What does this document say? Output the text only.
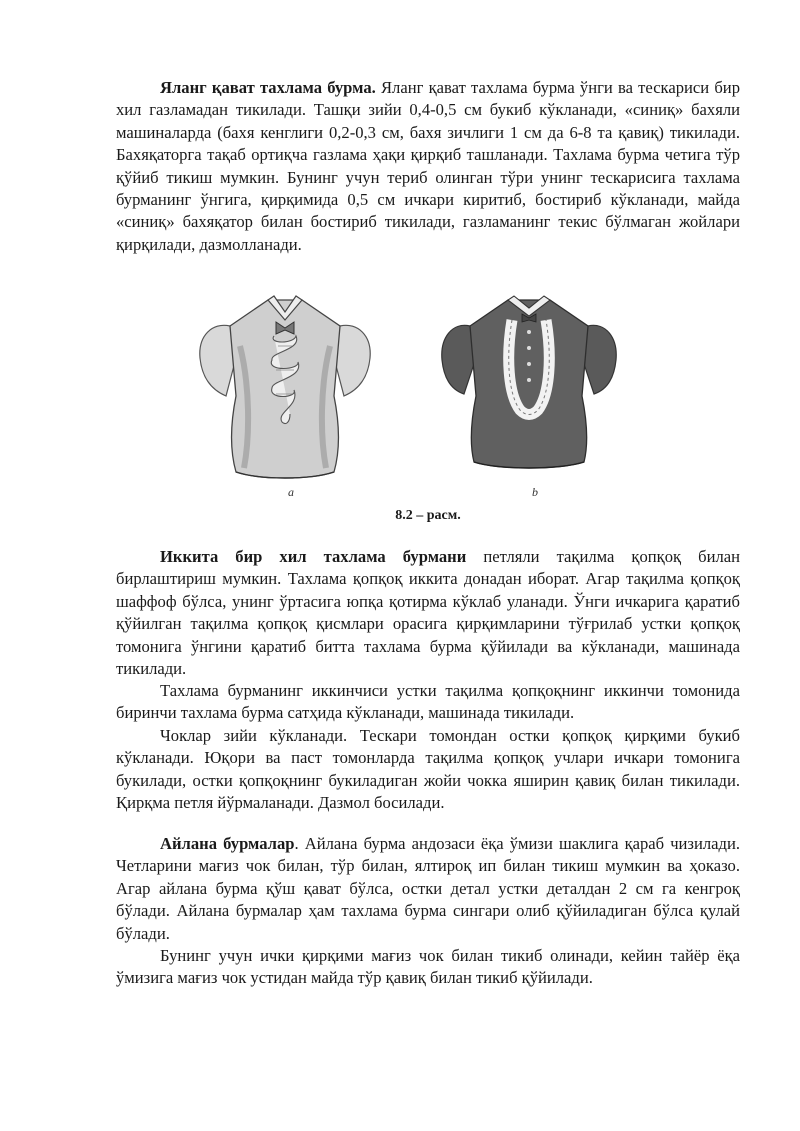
Яланг қават тахлама бурма. Яланг қават тахлама бурма ўнги ва тескариси бир хил газламадан тикилади. Ташқи зийи 0,4-0,5 см букиб кўкланади, «синиқ» бахяли машиналарда (бахя кенглиги 0,2-0,3 см, бахя зичлиги 1 см да 6-8 та қавиқ) тикилади. Бахяқаторга тақаб ортиқча газлама ҳақи қирқиб ташланади. Тахлама бурма четига тўр қўйиб тикиш мумкин. Бунинг учун териб олинган тўри унинг тескарисига тахлама бурманинг ўнгига, қирқимида 0,5 см ичкари киритиб, бостириб кўкланади, майда «синиқ» бахяқатор билан бостириб тикилади, газламанинг текис бўлмаган жойлари қирқилади, дазмолланади.

a	b
8.2 – расм.

Иккита бир хил тахлама бурмани петляли тақилма қопқоқ билан бирлаштириш мумкин. Тахлама қопқоқ иккита донадан иборат. Агар тақилма қопқоқ шаффоф бўлса, унинг ўртасига юпқа қотирма кўклаб уланади. Ўнги ичкарига қаратиб қўйилган тақилма қопқоқ қисмлари орасига қирқимларини тўғрилаб устки қопқоқ томонига ўнгини қаратиб битта тахлама бурма қўйилади ва кўкланади, машинада тикилади.

Тахлама бурманинг иккинчиси устки тақилма қопқоқнинг иккинчи томонида биринчи тахлама бурма сатҳида кўкланади, машинада тикилади.

Чоклар зийи кўкланади. Тескари томондан остки қопқоқ қирқими букиб кўкланади. Юқори ва паст томонларда тақилма қопқоқ учлари ичкари томонига букилади, остки қопқоқнинг букиладиган жойи чокка яширин қавиқ билан тикилади. Қирқма петля йўрмаланади. Дазмол босилади.

Айлана бурмалар. Айлана бурма андозаси ёқа ўмизи шаклига қараб чизилади. Четларини мағиз чок билан, тўр билан, ялтироқ ип билан тикиш мумкин ва ҳоказо. Агар айлана бурма қўш қават бўлса, остки детал устки деталдан 2 см га кенгроқ бўлади. Айлана бурмалар ҳам тахлама бурма сингари олиб қўйиладиган бўлса қулай бўлади.

Бунинг учун ички қирқими мағиз чок билан тикиб олинади, кейин тайёр ёқа ўмизига мағиз чок устидан майда тўр қавиқ билан тикиб қўйилади.
